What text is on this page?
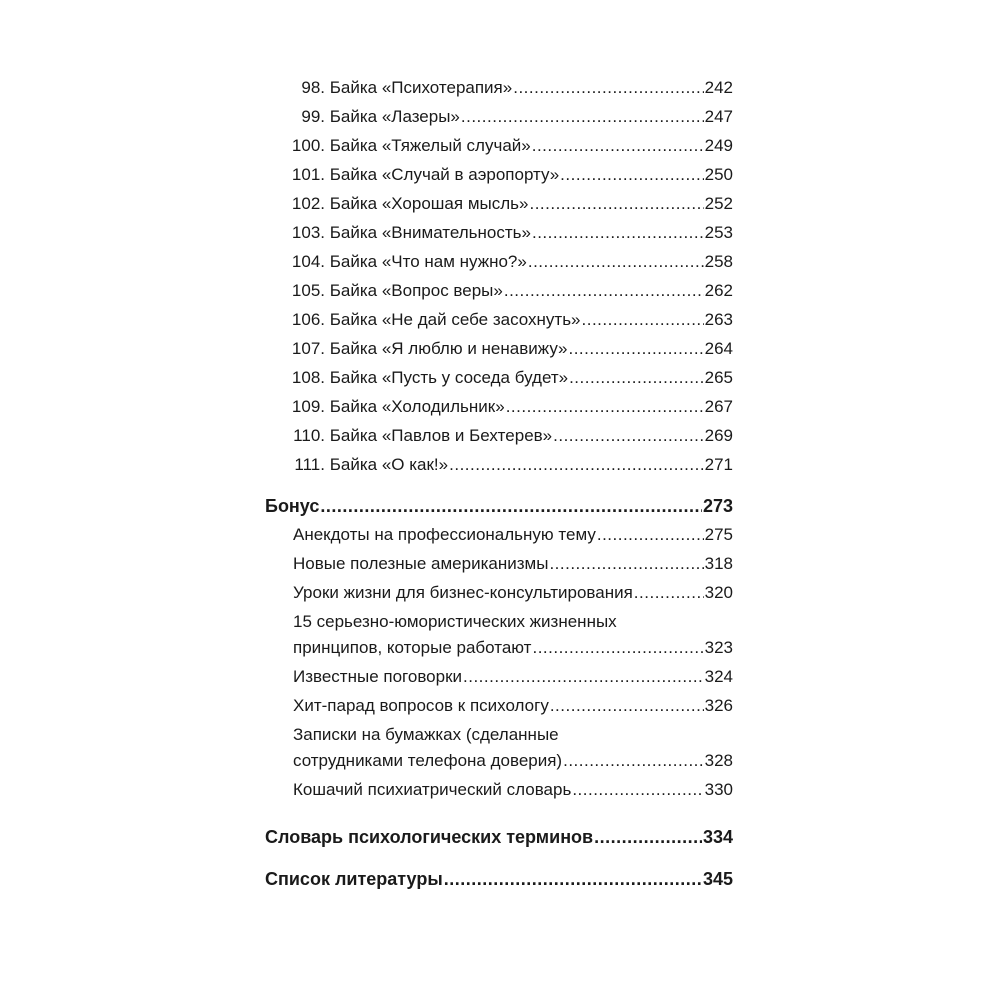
98. Байка «Психотерапия» .....	242
99. Байка «Лазеры» .....	247
100. Байка «Тяжелый случай» .....	249
101. Байка «Случай в аэропорту» .....	250
102. Байка «Хорошая мысль» .....	252
103. Байка «Внимательность» .....	253
104. Байка «Что нам нужно?» .....	258
105. Байка «Вопрос веры» .....	262
106. Байка «Не дай себе засохнуть» .....	263
107. Байка «Я люблю и ненавижу» .....	264
108. Байка «Пусть у соседа будет» .....	265
109. Байка «Холодильник» .....	267
110. Байка «Павлов и Бехтерев» .....	269
111. Байка «О как!» .....	271
Бонус .....	273
Анекдоты на профессиональную тему .....	275
Новые полезные американизмы .....	318
Уроки жизни для бизнес-консультирования .....	320
15 серьезно-юмористических жизненных
принципов, которые работают .....	323
Известные поговорки .....	324
Хит-парад вопросов к психологу .....	326
Записки на бумажках (сделанные
сотрудниками телефона доверия) .....	328
Кошачий психиатрический словарь .....	330
Словарь психологических терминов .....	334
Список литературы .....	345
